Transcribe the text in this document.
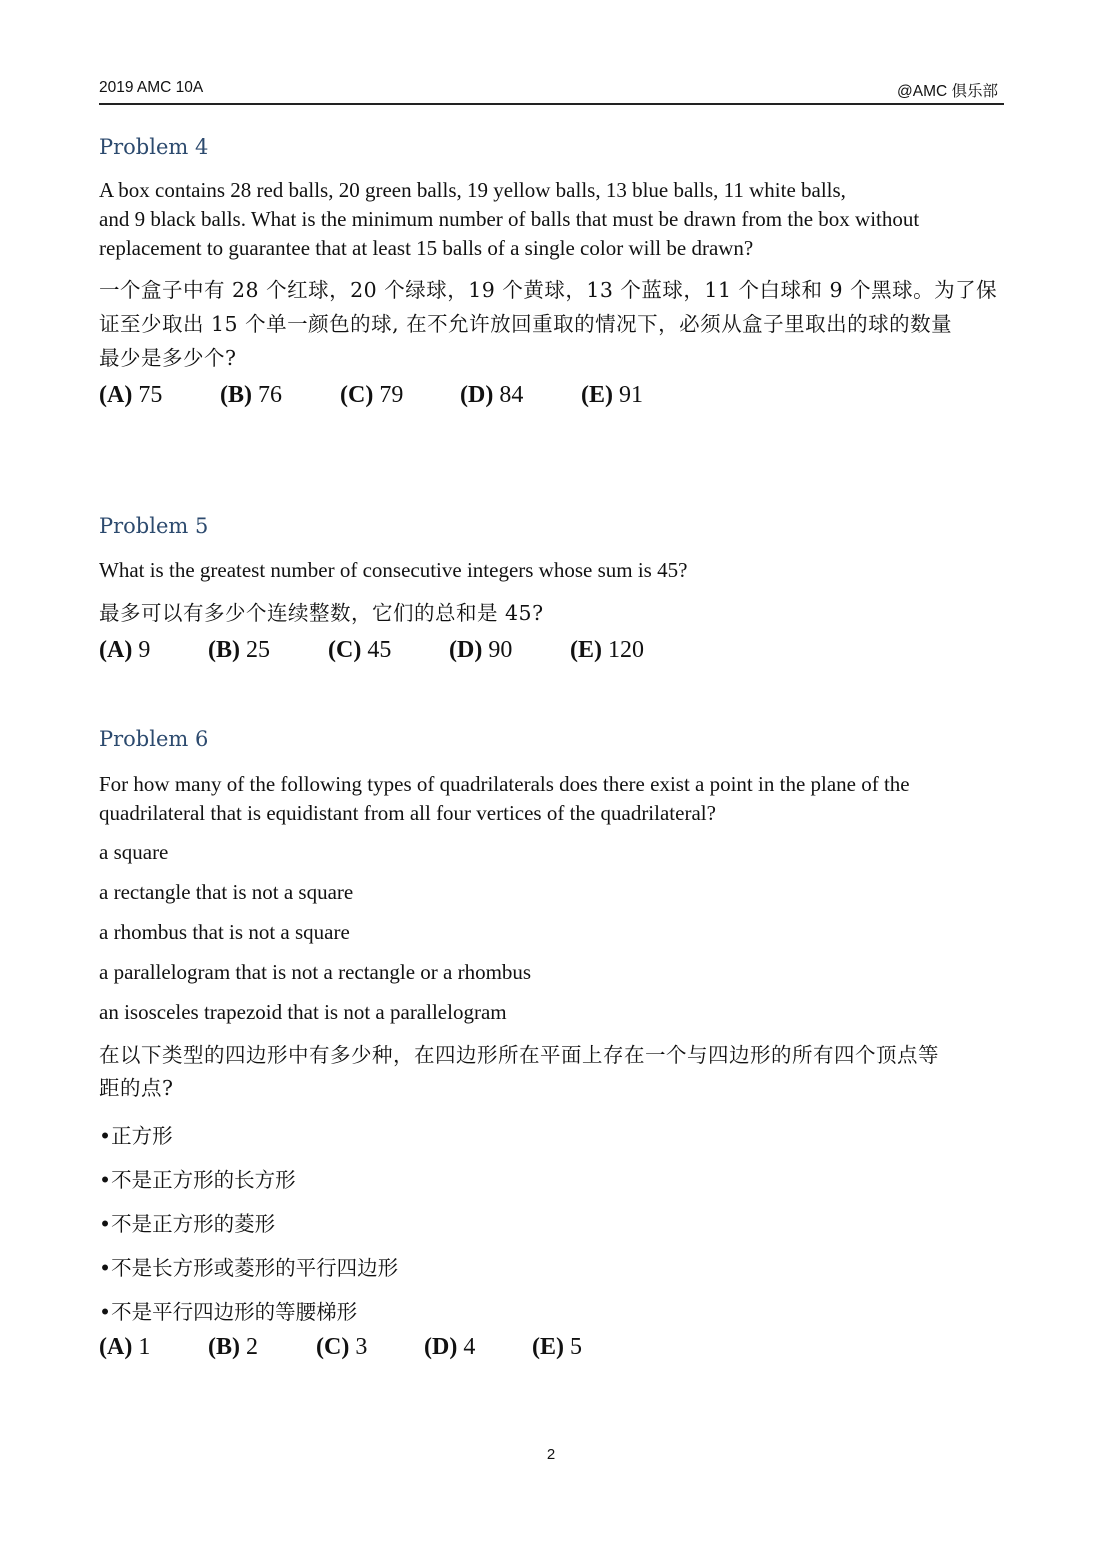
2019 AMC 10A	@AMC 俱乐部
Problem 4
A box contains 28 red balls, 20 green balls, 19 yellow balls, 13 blue balls, 11 white balls,
and 9 black balls. What is the minimum number of balls that must be drawn from the box without
replacement to guarantee that at least 15 balls of a single color will be drawn?
一个盒子中有 28 个红球，20 个绿球，19 个黄球，13 个蓝球，11 个白球和 9 个黑球。为了保
证至少取出 15 个单一颜色的球, 在不允许放回重取的情况下，必须从盒子里取出的球的数量
最少是多少个?
(A) 75 (B) 76 (C) 79 (D) 84 (E) 91
Problem 5
What is the greatest number of consecutive integers whose sum is 45?
最多可以有多少个连续整数，它们的总和是 45?
(A) 9 (B) 25 (C) 45 (D) 90 (E) 120
Problem 6
For how many of the following types of quadrilaterals does there exist a point in the plane of the
quadrilateral that is equidistant from all four vertices of the quadrilateral?
a square
a rectangle that is not a square
a rhombus that is not a square
a parallelogram that is not a rectangle or a rhombus
an isosceles trapezoid that is not a parallelogram
在以下类型的四边形中有多少种，在四边形所在平面上存在一个与四边形的所有四个顶点等
距的点?
•正方形
•不是正方形的长方形
•不是正方形的菱形
•不是长方形或菱形的平行四边形
•不是平行四边形的等腰梯形
(A) 1 (B) 2 (C) 3 (D) 4 (E) 5
2
